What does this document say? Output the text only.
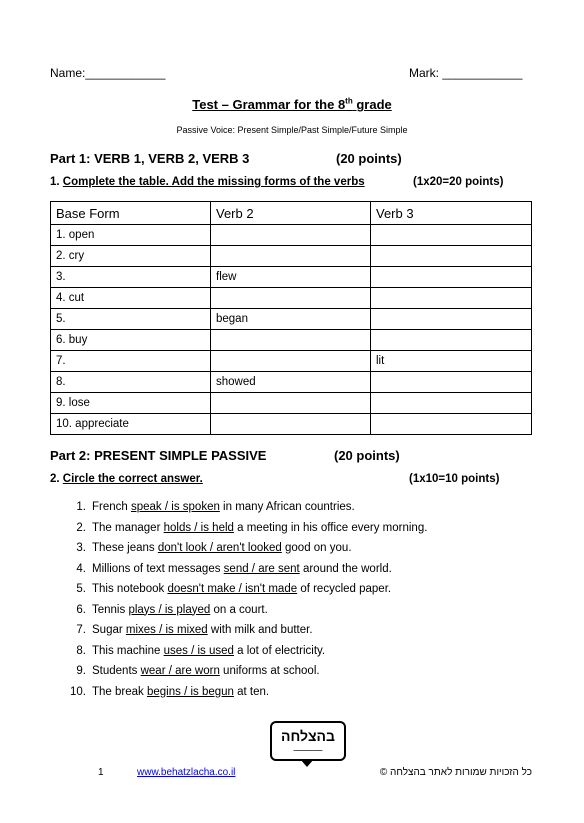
Name:____________	Mark: ____________
Test – Grammar for the 8th grade
Passive Voice: Present Simple/Past Simple/Future Simple
Part 1: VERB 1, VERB 2, VERB 3	(20 points)
1. Complete the table. Add the missing forms of the verbs	(1x20=20 points)
Base Form	Verb 2	Verb 3
1. open		
2. cry		
3.	flew	
4. cut		
5.	began	
6. buy		
7.		lit
8.	showed	
9. lose		
10. appreciate		
Part 2: PRESENT SIMPLE PASSIVE	(20 points)
2. Circle the correct answer.	(1x10=10 points)
1. French speak / is spoken in many African countries.
2. The manager holds / is held a meeting in his office every morning.
3. These jeans don't look / aren't looked good on you.
4. Millions of text messages send / are sent around the world.
5. This notebook doesn't make / isn't made of recycled paper.
6. Tennis plays / is played on a court.
7. Sugar mixes / is mixed with milk and butter.
8. This machine uses / is used a lot of electricity.
9. Students wear / are worn uniforms at school.
10. The break begins / is begun at ten.
בהצלחה
━━━━━━━━━━━━
1	www.behatzlacha.co.il	כל הזכויות שמורות לאתר בהצלחה ©
